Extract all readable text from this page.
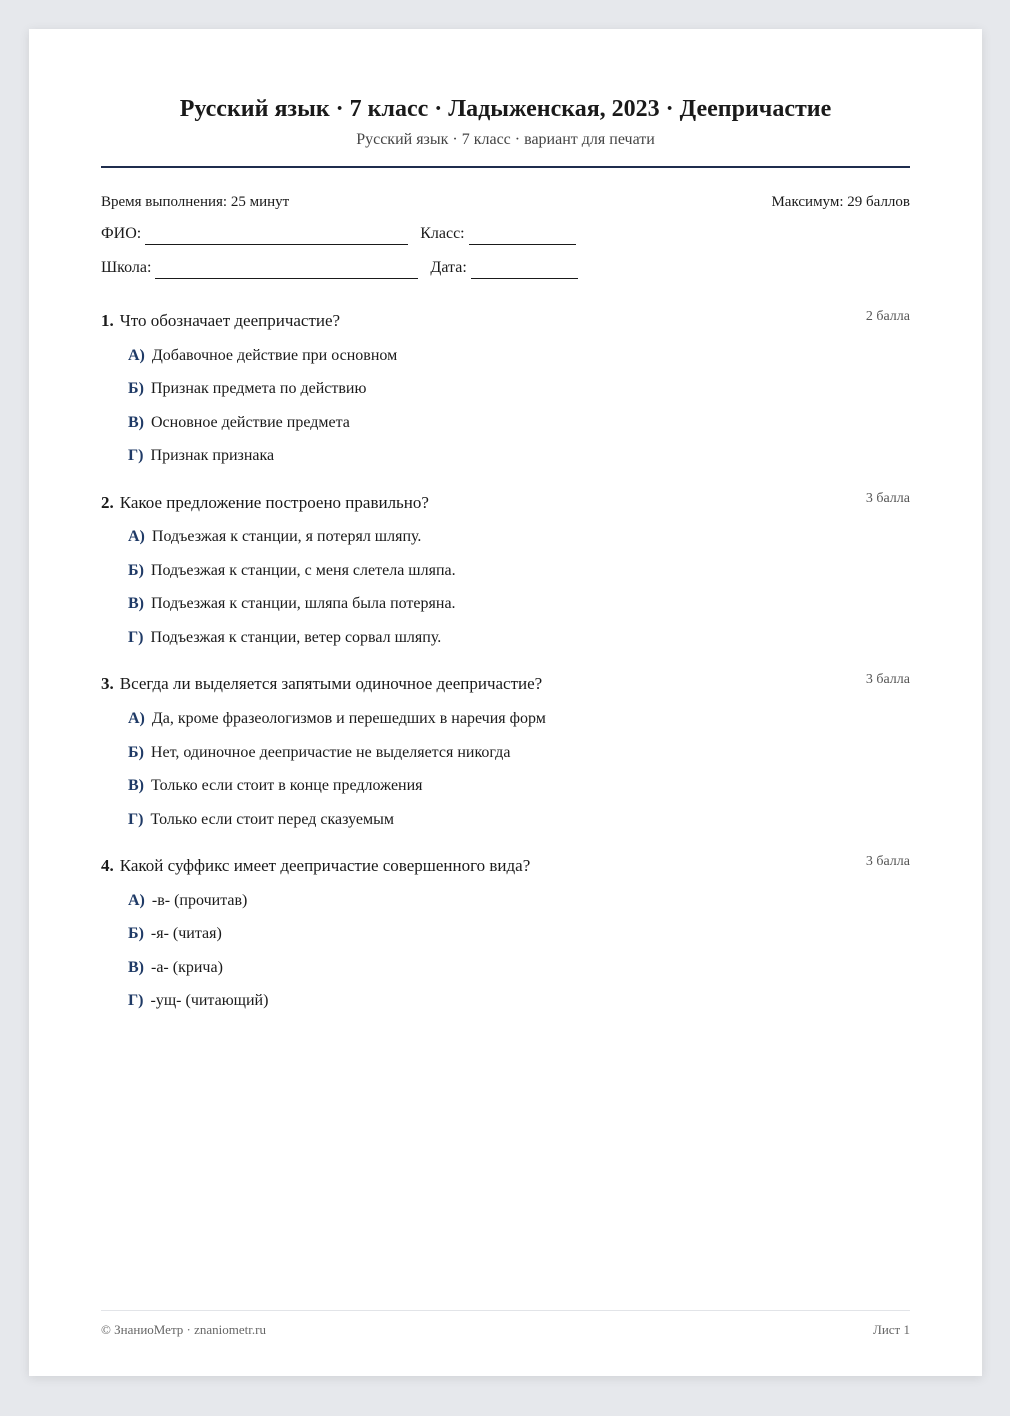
Русский язык · 7 класс · Ладыженская, 2023 · Деепричастие
Русский язык · 7 класс · вариант для печати
Время выполнения: 25 минут	Максимум: 29 баллов
ФИО:	Класс:
Школа:	Дата:
1. Что обозначает деепричастие?	2 балла
А) Добавочное действие при основном
Б) Признак предмета по действию
В) Основное действие предмета
Г) Признак признака
2. Какое предложение построено правильно?	3 балла
А) Подъезжая к станции, я потерял шляпу.
Б) Подъезжая к станции, с меня слетела шляпа.
В) Подъезжая к станции, шляпа была потеряна.
Г) Подъезжая к станции, ветер сорвал шляпу.
3. Всегда ли выделяется запятыми одиночное деепричастие?	3 балла
А) Да, кроме фразеологизмов и перешедших в наречия форм
Б) Нет, одиночное деепричастие не выделяется никогда
В) Только если стоит в конце предложения
Г) Только если стоит перед сказуемым
4. Какой суффикс имеет деепричастие совершенного вида?	3 балла
А) -в- (прочитав)
Б) -я- (читая)
В) -а- (крича)
Г) -ущ- (читающий)
© ЗнаниоМетр · znaniometr.ru	Лист 1
